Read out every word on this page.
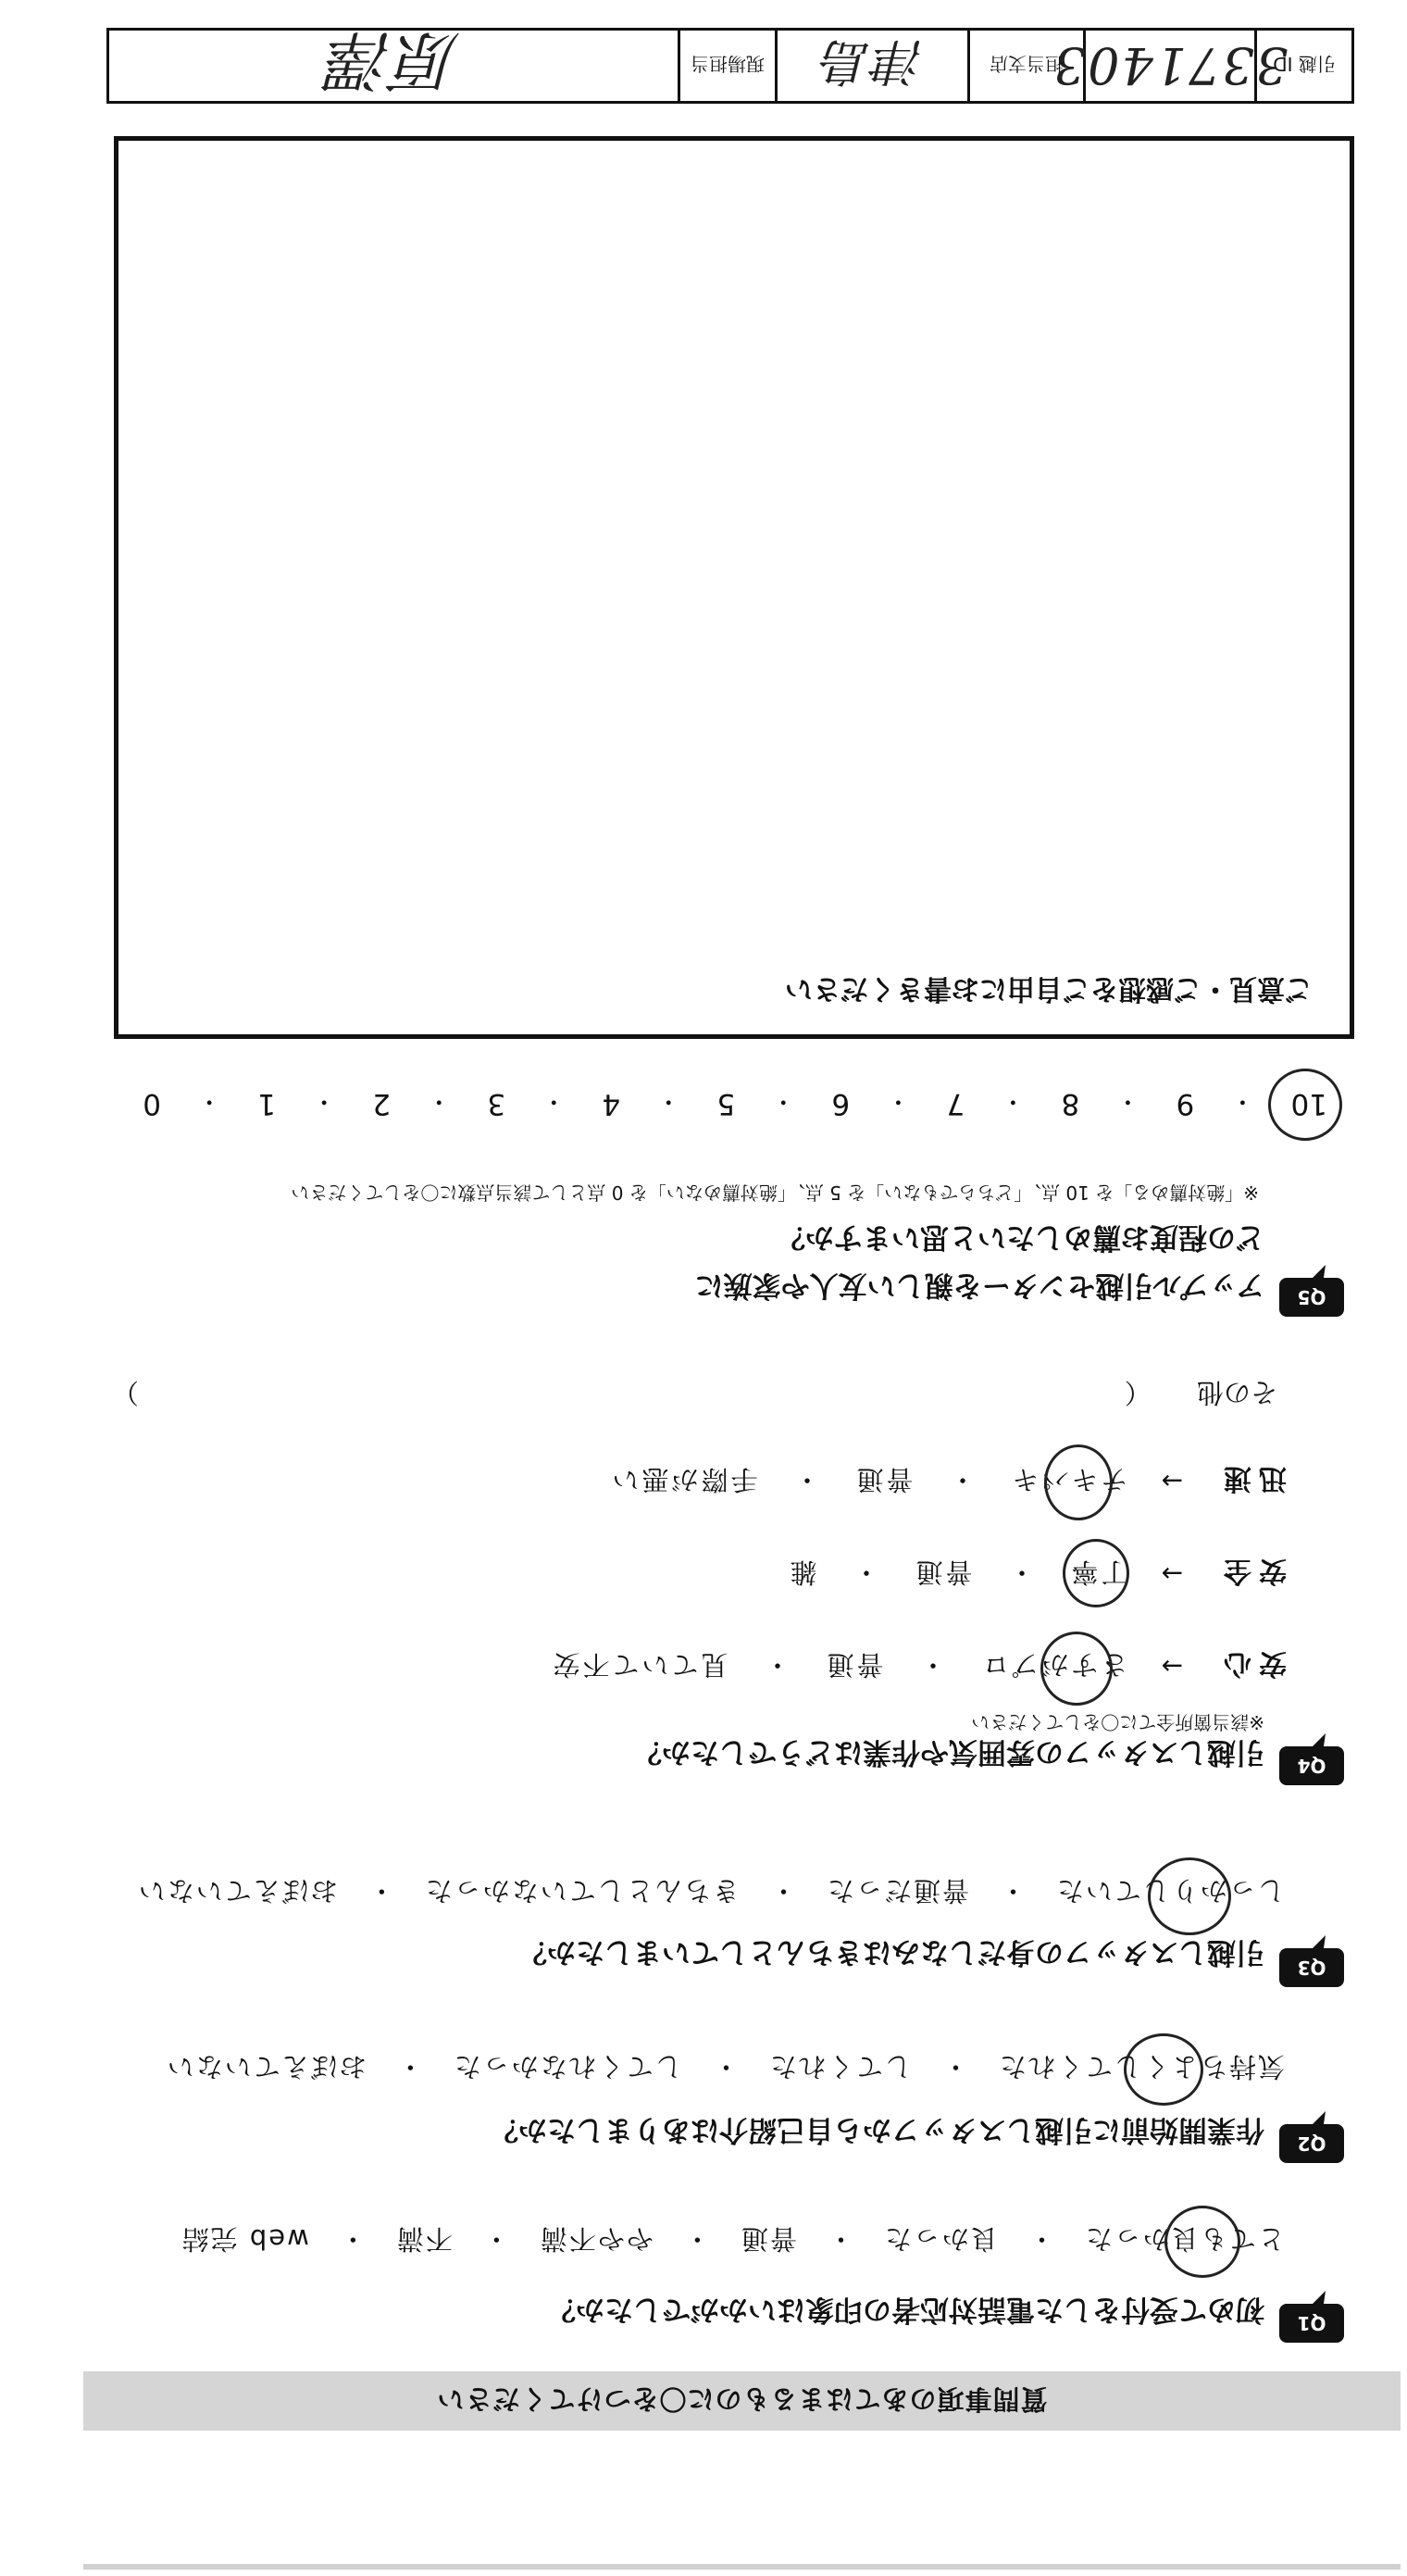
質問事項のあてはまるものに〇をつけてください
Q1
初めて受付をした電話対応者の印象はいかがでしたか？
とても良かった　・　良かった　・　普通　・　やや不満　・　不満　・　web 完結
Q2
作業開始前に引越しスタッフから自己紹介はありましたか？
気持ちよくしてくれた　・　してくれた　・　してくれなかった　・　おぼえていない
Q3
引越しスタッフの身だしなみはきちんとしていましたか？
しっかりしていた　・　普通だった　・　きちんとしていなかった　・　おぼえていない
Q4
引越しスタッフの雰囲気や作業はどうでしたか？
※該当箇所全てに〇をしてください
安心
→
さすがプロ
・
普通
・
見ていて不安
安全
→
丁寧
・
普通
・
雑
迅速
→
テキパキ
・
普通
・
手際が悪い
その他 （
）
Q5
アップル引越センターを親しい友人や家族に
どの程度お薦めしたいと思いますか？
※「絶対薦める」を 10 点、「どちらでもない」を 5 点、「絶対薦めない」を 0 点として該当点数に〇をしてください
10
・
9
・
8
・
7
・
6
・
5
・
4
・
3
・
2
・
1
・
0
ご意見・ご感想をご自由にお書きください
引越 ID
3371403
担当支店
津島
現場担当
原澤
